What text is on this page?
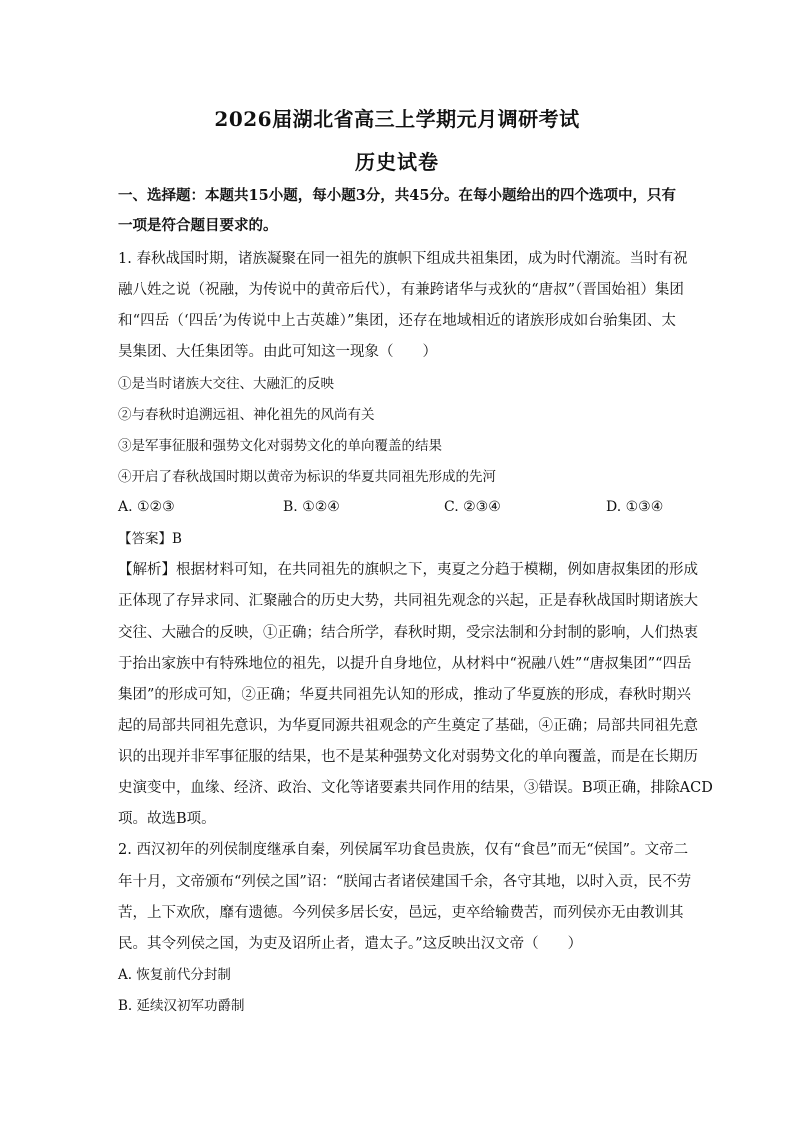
2026届湖北省高三上学期元月调研考试
历史试卷

一、选择题：本题共15小题，每小题3分，共45分。在每小题给出的四个选项中，只有

一项是符合题目要求的。

1. 春秋战国时期，诸族凝聚在同一祖先的旗帜下组成共祖集团，成为时代潮流。当时有祝

融八姓之说（祝融，为传说中的黄帝后代），有兼跨诸华与戎狄的“唐叔”（晋国始祖）集团

和“四岳（‘四岳’为传说中上古英雄）”集团，还存在地域相近的诸族形成如台骀集团、太

昊集团、大任集团等。由此可知这一现象（　　）

①是当时诸族大交往、大融汇的反映

②与春秋时追溯远祖、神化祖先的风尚有关

③是军事征服和强势文化对弱势文化的单向覆盖的结果

④开启了春秋战国时期以黄帝为标识的华夏共同祖先形成的先河

A. ①②③	B. ①②④	C. ②③④	D. ①③④

【答案】B

【解析】根据材料可知，在共同祖先的旗帜之下，夷夏之分趋于模糊，例如唐叔集团的形成

正体现了存异求同、汇聚融合的历史大势，共同祖先观念的兴起，正是春秋战国时期诸族大

交往、大融合的反映，①正确；结合所学，春秋时期，受宗法制和分封制的影响，人们热衷

于抬出家族中有特殊地位的祖先，以提升自身地位，从材料中“祝融八姓”“唐叔集团”“四岳

集团”的形成可知，②正确；华夏共同祖先认知的形成，推动了华夏族的形成，春秋时期兴

起的局部共同祖先意识，为华夏同源共祖观念的产生奠定了基础，④正确；局部共同祖先意

识的出现并非军事征服的结果，也不是某种强势文化对弱势文化的单向覆盖，而是在长期历

史演变中，血缘、经济、政治、文化等诸要素共同作用的结果，③错误。B项正确，排除ACD

项。故选B项。

2. 西汉初年的列侯制度继承自秦，列侯属军功食邑贵族，仅有“食邑”而无“侯国”。文帝二

年十月，文帝颁布“列侯之国”诏：“朕闻古者诸侯建国千余，各守其地，以时入贡，民不劳

苦，上下欢欣，靡有遗德。今列侯多居长安，邑远，吏卒给输费苦，而列侯亦无由教训其

民。其令列侯之国，为吏及诏所止者，遣太子。”这反映出汉文帝（　　）

A. 恢复前代分封制

B. 延续汉初军功爵制
